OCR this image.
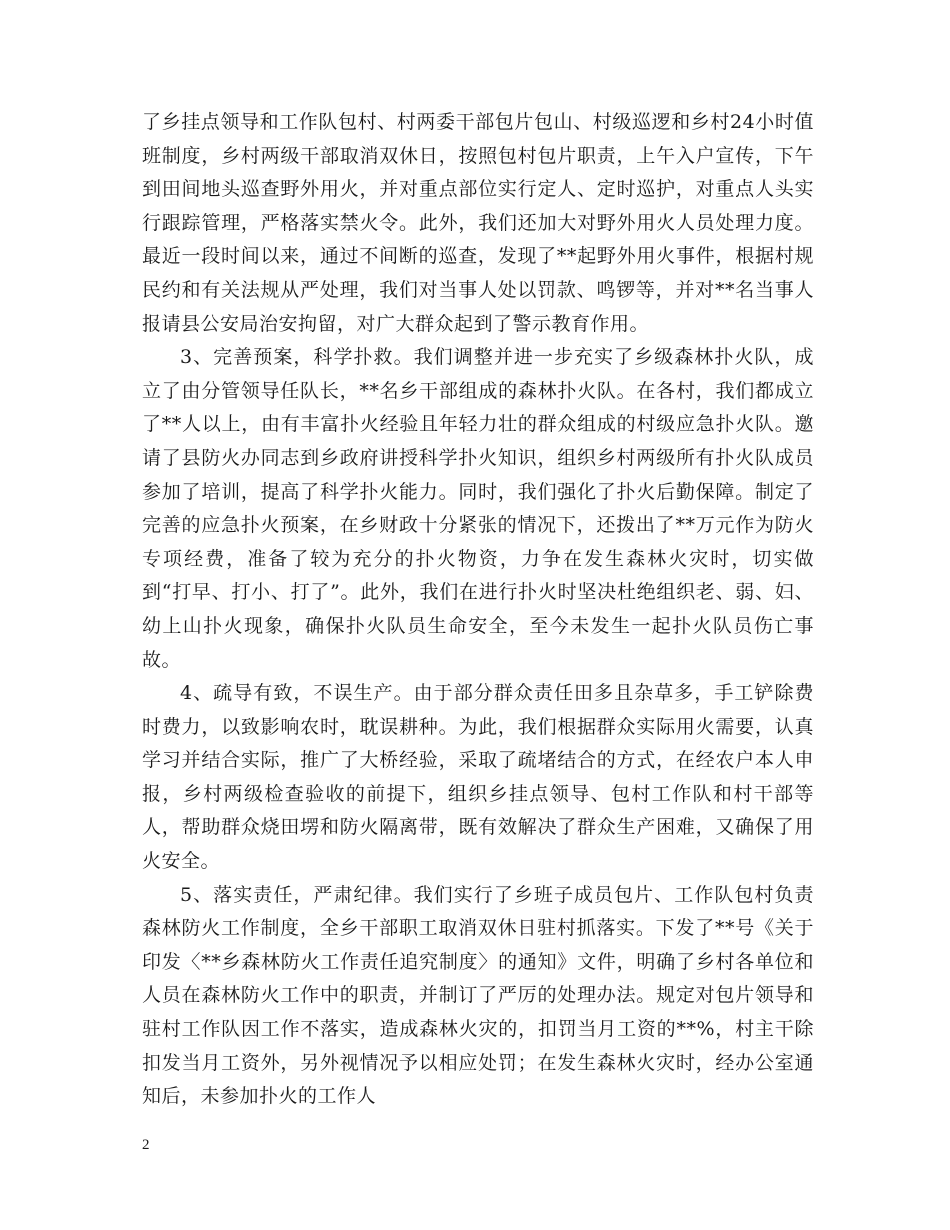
了乡挂点领导和工作队包村、村两委干部包片包山、村级巡逻和乡村24小时值班制度，乡村两级干部取消双休日，按照包村包片职责，上午入户宣传，下午到田间地头巡查野外用火，并对重点部位实行定人、定时巡护，对重点人头实行跟踪管理，严格落实禁火令。此外，我们还加大对野外用火人员处理力度。最近一段时间以来，通过不间断的巡查，发现了**起野外用火事件，根据村规民约和有关法规从严处理，我们对当事人处以罚款、鸣锣等，并对**名当事人报请县公安局治安拘留，对广大群众起到了警示教育作用。

3、完善预案，科学扑救。我们调整并进一步充实了乡级森林扑火队，成立了由分管领导任队长，**名乡干部组成的森林扑火队。在各村，我们都成立了**人以上，由有丰富扑火经验且年轻力壮的群众组成的村级应急扑火队。邀请了县防火办同志到乡政府讲授科学扑火知识，组织乡村两级所有扑火队成员参加了培训，提高了科学扑火能力。同时，我们强化了扑火后勤保障。制定了完善的应急扑火预案，在乡财政十分紧张的情况下，还拨出了**万元作为防火专项经费，准备了较为充分的扑火物资，力争在发生森林火灾时，切实做到“打早、打小、打了”。此外，我们在进行扑火时坚决杜绝组织老、弱、妇、幼上山扑火现象，确保扑火队员生命安全，至今未发生一起扑火队员伤亡事故。

4、疏导有致，不误生产。由于部分群众责任田多且杂草多，手工铲除费时费力，以致影响农时，耽误耕种。为此，我们根据群众实际用火需要，认真学习并结合实际，推广了大桥经验，采取了疏堵结合的方式，在经农户本人申报，乡村两级检查验收的前提下，组织乡挂点领导、包村工作队和村干部等人，帮助群众烧田塄和防火隔离带，既有效解决了群众生产困难，又确保了用火安全。

5、落实责任，严肃纪律。我们实行了乡班子成员包片、工作队包村负责森林防火工作制度，全乡干部职工取消双休日驻村抓落实。下发了**号《关于印发〈**乡森林防火工作责任追究制度〉的通知》文件，明确了乡村各单位和人员在森林防火工作中的职责，并制订了严厉的处理办法。规定对包片领导和驻村工作队因工作不落实，造成森林火灾的，扣罚当月工资的**%，村主干除扣发当月工资外，另外视情况予以相应处罚；在发生森林火灾时，经办公室通知后，未参加扑火的工作人

2
